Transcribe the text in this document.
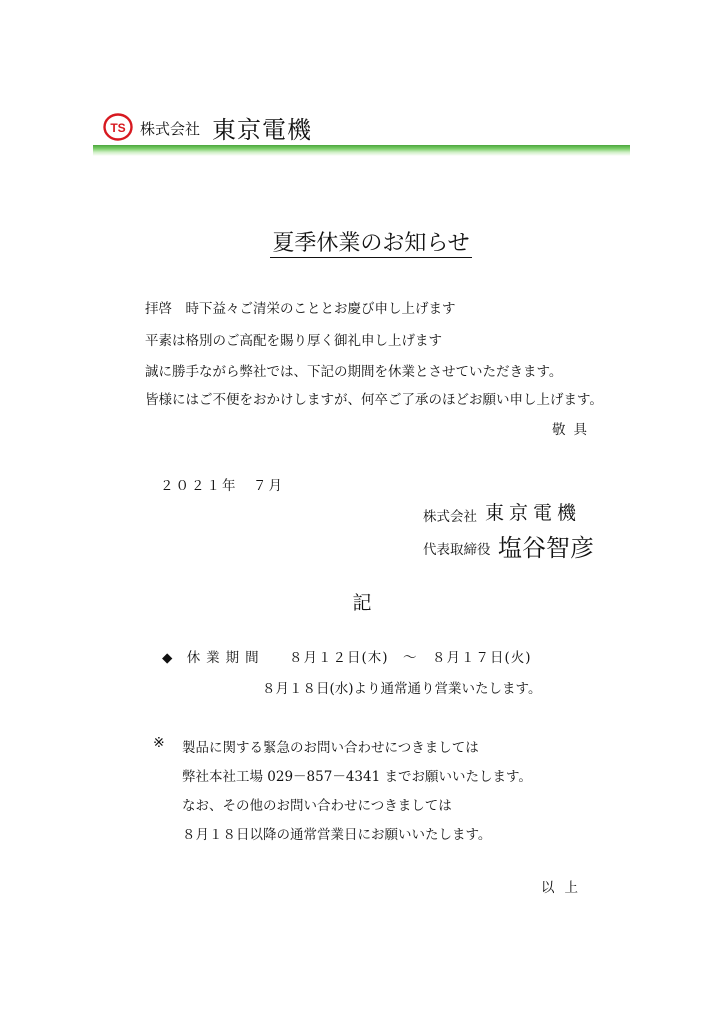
TS 株式会社 東京電機
夏季休業のお知らせ
拝啓　時下益々ご清栄のこととお慶び申し上げます
平素は格別のご高配を賜り厚く御礼申し上げます
誠に勝手ながら弊社では、下記の期間を休業とさせていただきます。
皆様にはご不便をおかけしますが、何卒ご了承のほどお願い申し上げます。
敬具
２０２１年　７月
株式会社 東京電機
代表取締役 塩谷智彦
記
◆ 休業期間 ８月１２日(木)　～　８月１７日(火)
８月１８日(水)より通常通り営業いたします。
※ 製品に関する緊急のお問い合わせにつきましては
弊社本社工場 029－857－4341 までお願いいたします。
なお、その他のお問い合わせにつきましては
８月１８日以降の通常営業日にお願いいたします。
以上
